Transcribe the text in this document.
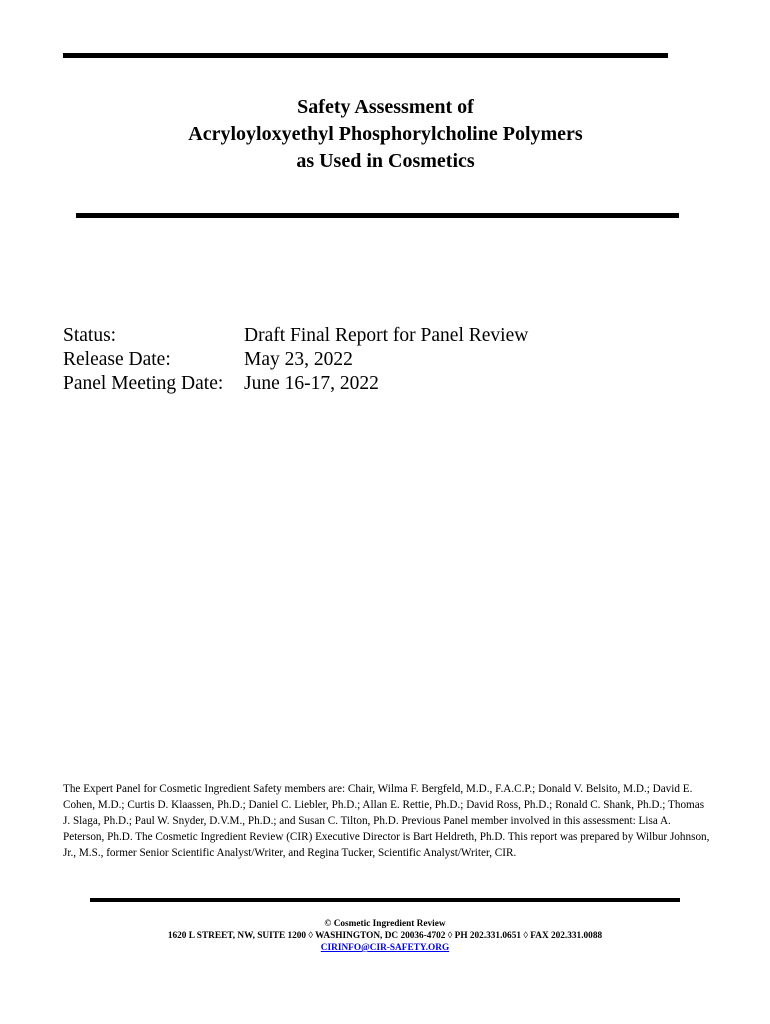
Safety Assessment of
Acryloyloxyethyl Phosphorylcholine Polymers
as Used in Cosmetics
Status:	Draft Final Report for Panel Review
Release Date:	May 23, 2022
Panel Meeting Date:	June 16-17, 2022
The Expert Panel for Cosmetic Ingredient Safety members are: Chair, Wilma F. Bergfeld, M.D., F.A.C.P.; Donald V. Belsito, M.D.; David E. Cohen, M.D.; Curtis D. Klaassen, Ph.D.; Daniel C. Liebler, Ph.D.; Allan E. Rettie, Ph.D.; David Ross, Ph.D.; Ronald C. Shank, Ph.D.; Thomas J. Slaga, Ph.D.; Paul W. Snyder, D.V.M., Ph.D.; and Susan C. Tilton, Ph.D. Previous Panel member involved in this assessment: Lisa A. Peterson, Ph.D. The Cosmetic Ingredient Review (CIR) Executive Director is Bart Heldreth, Ph.D. This report was prepared by Wilbur Johnson, Jr., M.S., former Senior Scientific Analyst/Writer, and Regina Tucker, Scientific Analyst/Writer, CIR.
© Cosmetic Ingredient Review
1620 L STREET, NW, SUITE 1200 ◊ WASHINGTON, DC 20036-4702 ◊ PH 202.331.0651 ◊ FAX 202.331.0088
CIRINFO@CIR-SAFETY.ORG
